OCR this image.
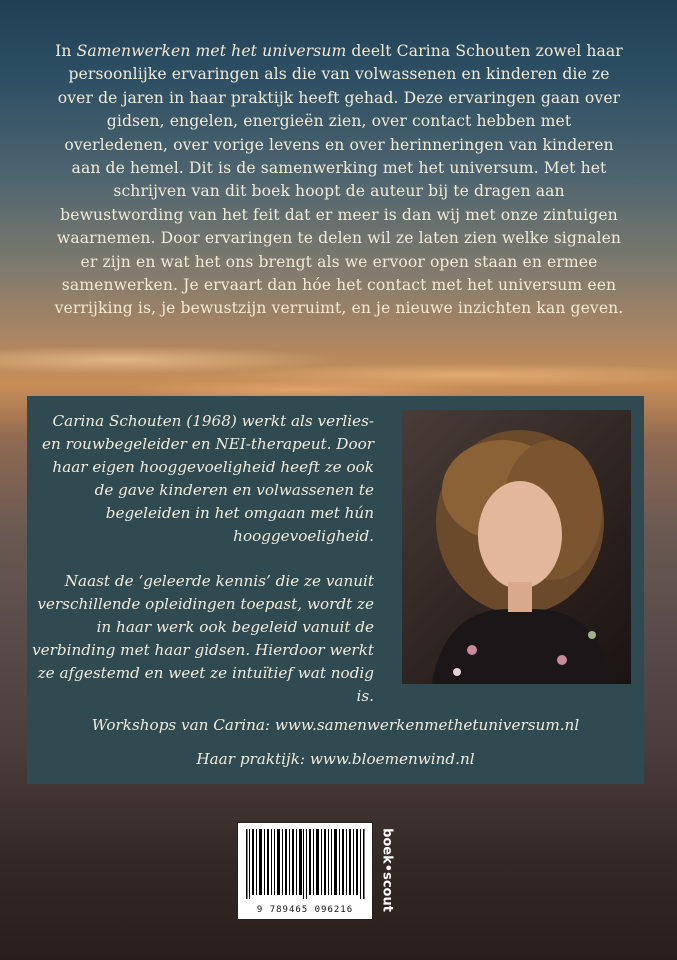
In Samenwerken met het universum deelt Carina Schouten zowel haar persoonlijke ervaringen als die van volwassenen en kinderen die ze over de jaren in haar praktijk heeft gehad. Deze ervaringen gaan over gidsen, engelen, energieën zien, over contact hebben met overledenen, over vorige levens en over herinneringen van kinderen aan de hemel. Dit is de samenwerking met het universum. Met het schrijven van dit boek hoopt de auteur bij te dragen aan bewustwording van het feit dat er meer is dan wij met onze zintuigen waarnemen. Door ervaringen te delen wil ze laten zien welke signalen er zijn en wat het ons brengt als we ervoor open staan en ermee samenwerken. Je ervaart dan hóe het contact met het universum een verrijking is, je bewustzijn verruimt, en je nieuwe inzichten kan geven.

Carina Schouten (1968) werkt als verlies- en rouwbegeleider en NEI-therapeut. Door haar eigen hooggevoeligheid heeft ze ook de gave kinderen en volwassenen te begeleiden in het omgaan met hún hooggevoeligheid.

Naast de ‘geleerde kennis’ die ze vanuit verschillende opleidingen toepast, wordt ze in haar werk ook begeleid vanuit de verbinding met haar gidsen. Hierdoor werkt ze afgestemd en weet ze intuïtief wat nodig is.

Workshops van Carina: www.samenwerkenmethetuniversum.nl
Haar praktijk: www.bloemenwind.nl
9 789465 096216	boek•scout
